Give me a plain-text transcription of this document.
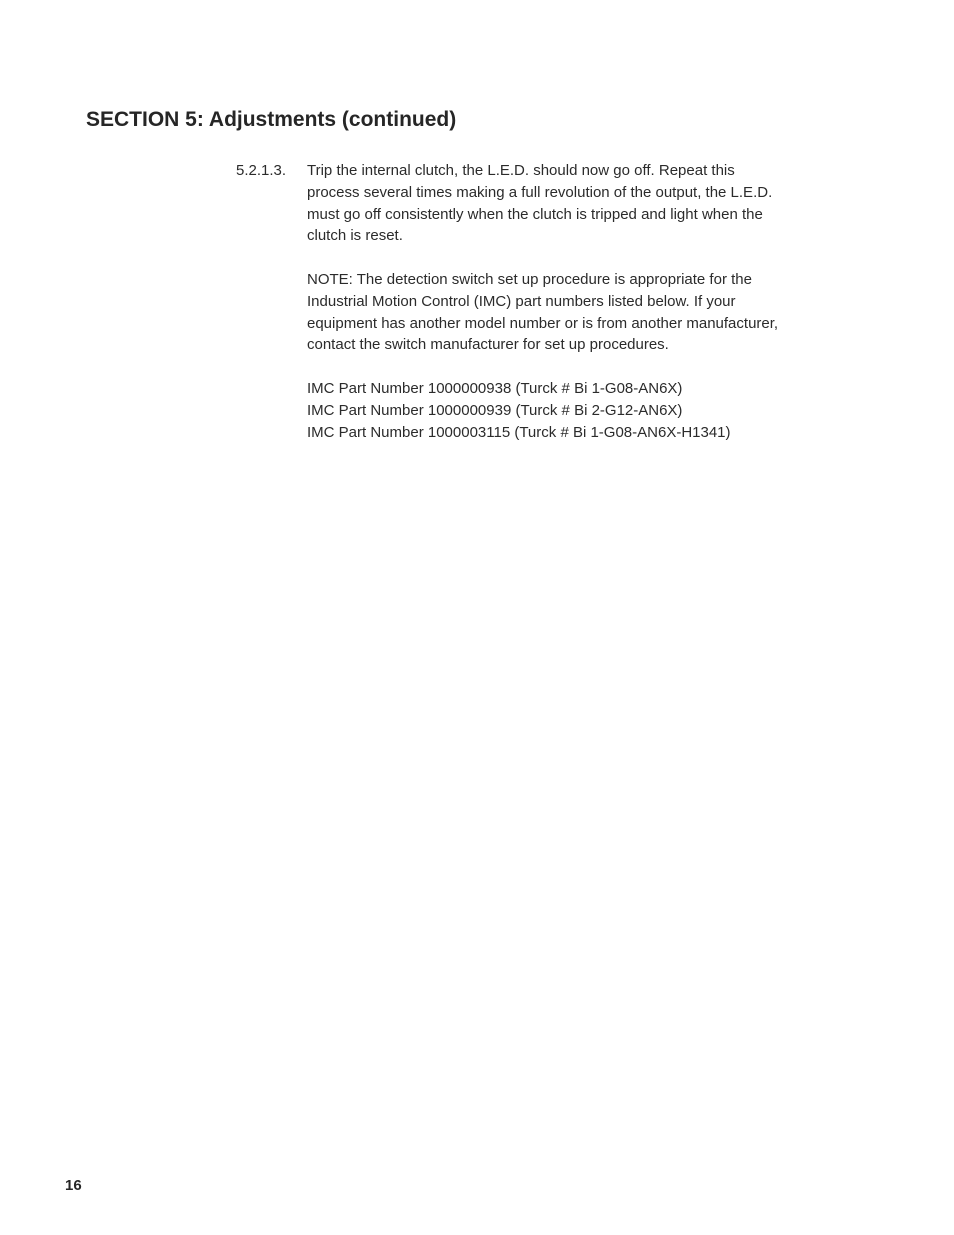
SECTION 5: Adjustments (continued)
5.2.1.3. Trip the internal clutch, the L.E.D. should now go off. Repeat this
process several times making a full revolution of the output, the L.E.D.
must go off consistently when the clutch is tripped and light when the
clutch is reset.

NOTE: The detection switch set up procedure is appropriate for the
Industrial Motion Control (IMC) part numbers listed below. If your
equipment has another model number or is from another manufacturer,
contact the switch manufacturer for set up procedures.

IMC Part Number 1000000938 (Turck # Bi 1-G08-AN6X)
IMC Part Number 1000000939 (Turck # Bi 2-G12-AN6X)
IMC Part Number 1000003115 (Turck # Bi 1-G08-AN6X-H1341)

16
